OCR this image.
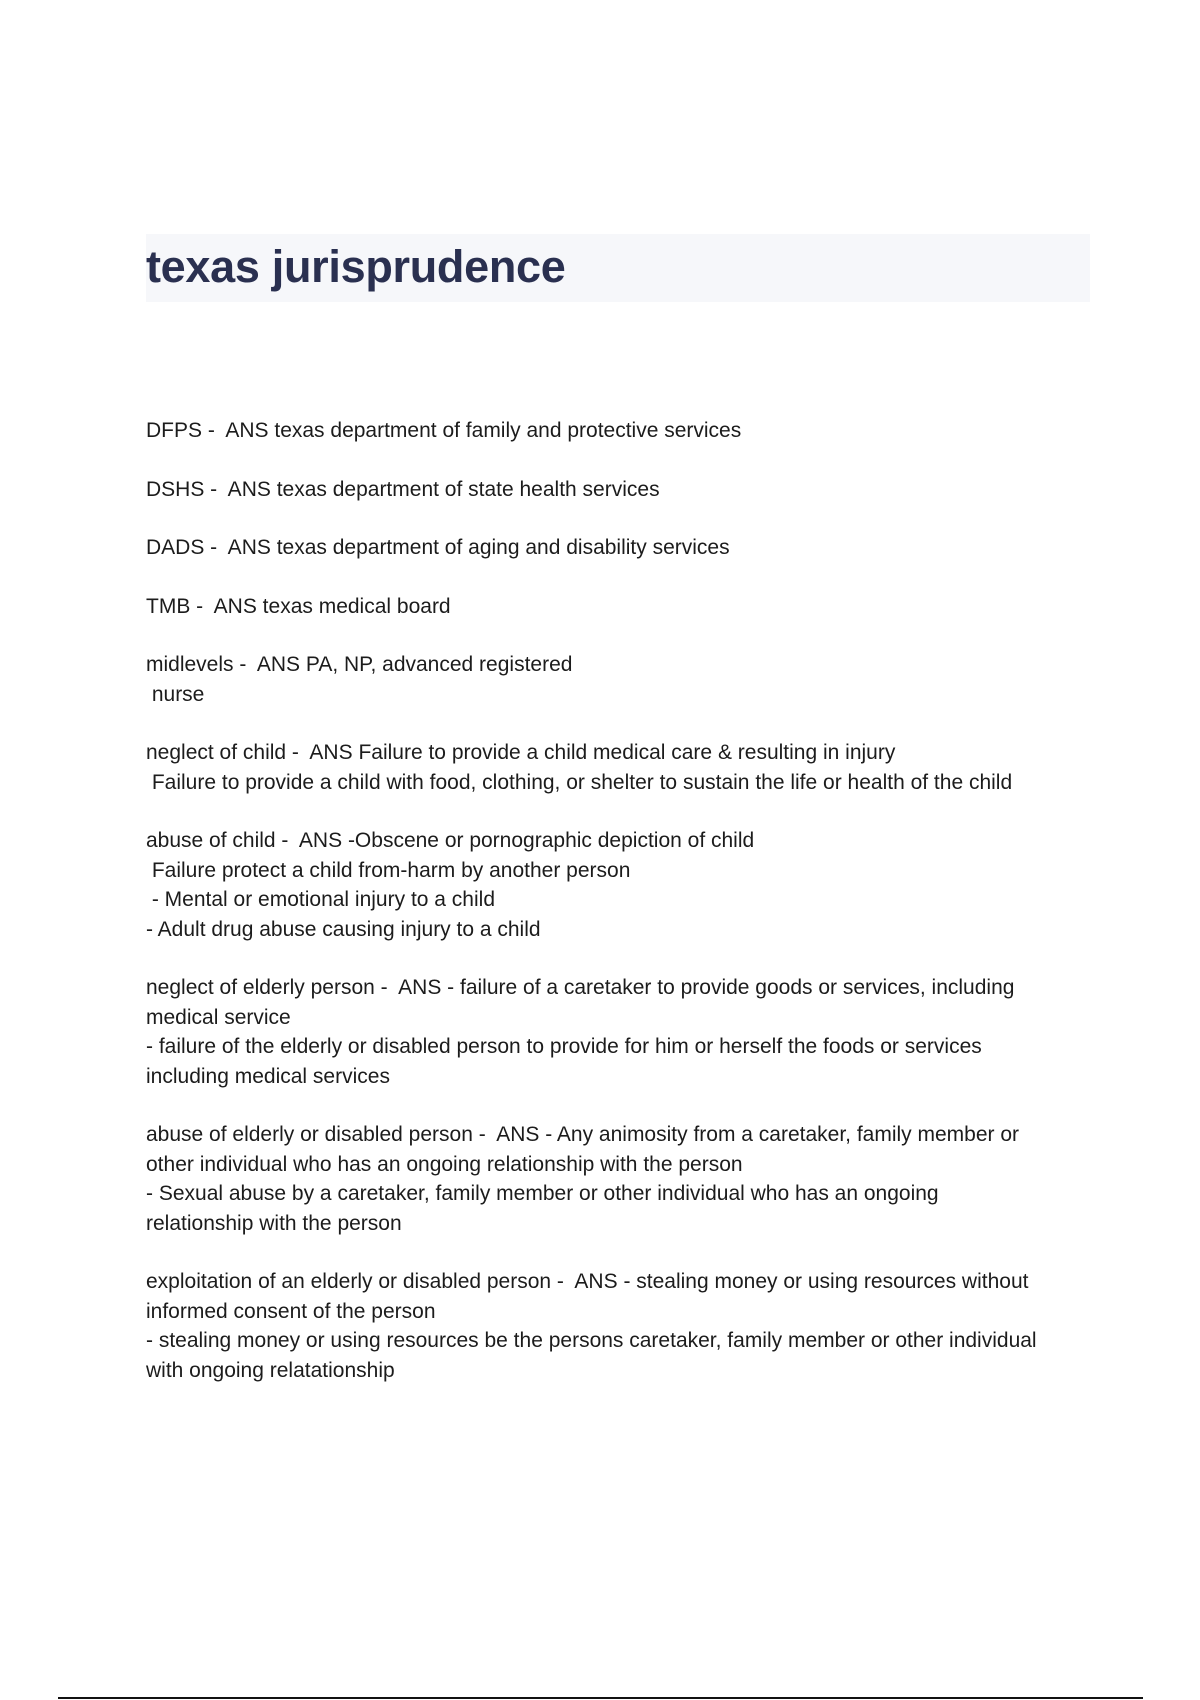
texas jurisprudence

DFPS -  ANS texas department of family and protective services

DSHS -  ANS texas department of state health services

DADS -  ANS texas department of aging and disability services

TMB -  ANS texas medical board

midlevels -  ANS PA, NP, advanced registered
nurse

neglect of child -  ANS Failure to provide a child medical care & resulting in injury
Failure to provide a child with food, clothing, or shelter to sustain the life or health of the child

abuse of child -  ANS -Obscene or pornographic depiction of child
Failure protect a child from-harm by another person
- Mental or emotional injury to a child
- Adult drug abuse causing injury to a child

neglect of elderly person -  ANS - failure of a caretaker to provide goods or services, including
medical service
- failure of the elderly or disabled person to provide for him or herself the foods or services
including medical services

abuse of elderly or disabled person -  ANS - Any animosity from a caretaker, family member or
other individual who has an ongoing relationship with the person
- Sexual abuse by a caretaker, family member or other individual who has an ongoing
relationship with the person

exploitation of an elderly or disabled person -  ANS - stealing money or using resources without
informed consent of the person
- stealing money or using resources be the persons caretaker, family member or other individual
with ongoing relatationship
